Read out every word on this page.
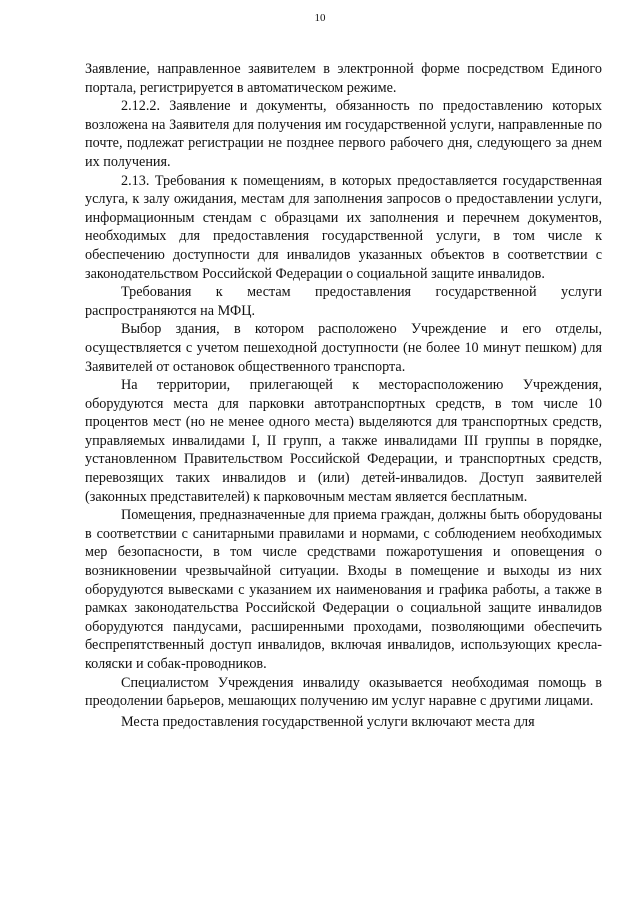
10

Заявление, направленное заявителем в электронной форме посредством Единого портала, регистрируется в автоматическом режиме.

2.12.2. Заявление и документы, обязанность по предоставлению которых возложена на Заявителя для получения им государственной услуги, направленные по почте, подлежат регистрации не позднее первого рабочего дня, следующего за днем их получения.

2.13. Требования к помещениям, в которых предоставляется государственная услуга, к залу ожидания, местам для заполнения запросов о предоставлении услуги, информационным стендам с образцами их заполнения и перечнем документов, необходимых для предоставления государственной услуги, в том числе к обеспечению доступности для инвалидов указанных объектов в соответствии с законодательством Российской Федерации о социальной защите инвалидов.

Требования к местам предоставления государственной услуги распространяются на МФЦ.

Выбор здания, в котором расположено Учреждение и его отделы, осуществляется с учетом пешеходной доступности (не более 10 минут пешком) для Заявителей от остановок общественного транспорта.

На территории, прилегающей к месторасположению Учреждения, оборудуются места для парковки автотранспортных средств, в том числе 10 процентов мест (но не менее одного места) выделяются для транспортных средств, управляемых инвалидами I, II групп, а также инвалидами III группы в порядке, установленном Правительством Российской Федерации, и транспортных средств, перевозящих таких инвалидов и (или) детей-инвалидов. Доступ заявителей (законных представителей) к парковочным местам является бесплатным.

Помещения, предназначенные для приема граждан, должны быть оборудованы в соответствии с санитарными правилами и нормами, с соблюдением необходимых мер безопасности, в том числе средствами пожаротушения и оповещения о возникновении чрезвычайной ситуации. Входы в помещение и выходы из них оборудуются вывесками с указанием их наименования и графика работы, а также в рамках законодательства Российской Федерации о социальной защите инвалидов оборудуются пандусами, расширенными проходами, позволяющими обеспечить беспрепятственный доступ инвалидов, включая инвалидов, использующих кресла-коляски и собак-проводников.

Специалистом Учреждения инвалиду оказывается необходимая помощь в преодолении барьеров, мешающих получению им услуг наравне с другими лицами.

Места предоставления государственной услуги включают места для
